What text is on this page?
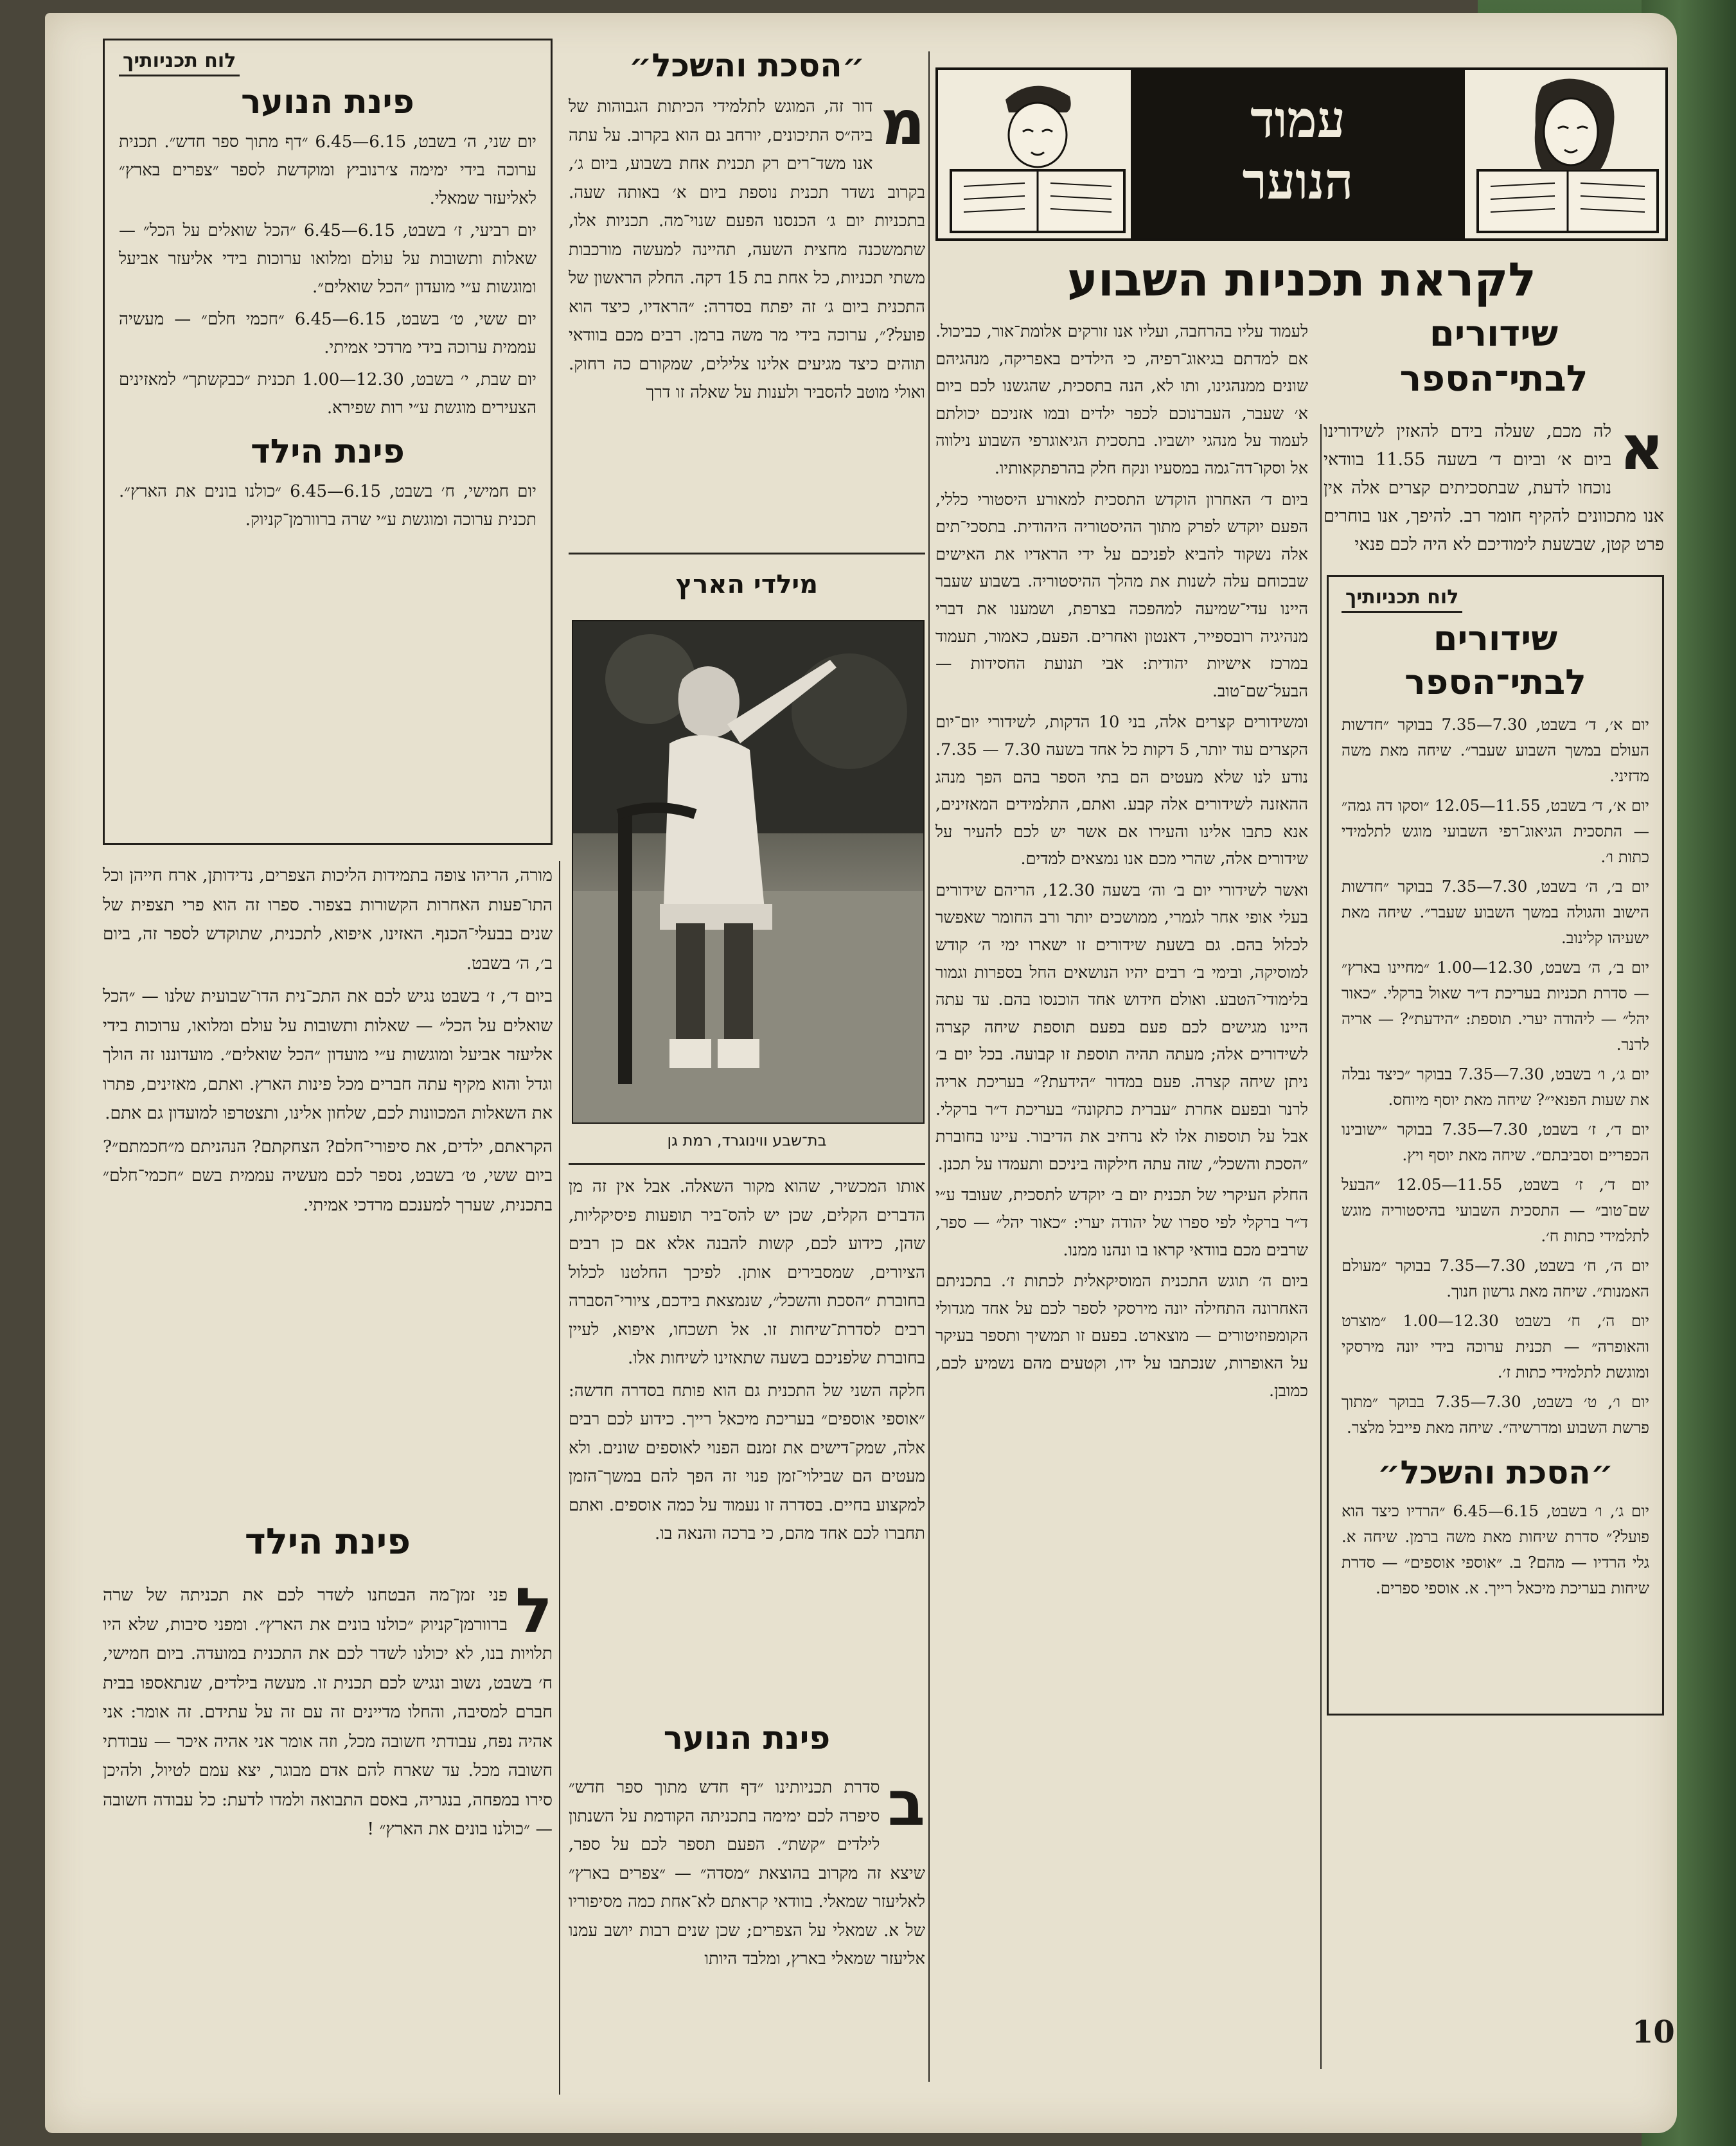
עמוד
הנוער
לקראת תכניות השבוע
שידורים
לבתי־הספר
א

לה מכם, שעלה בידם להאזין לשידורינו ביום א׳ וביום ד׳ בשעה 11.55 בוודאי נוכחו לדעת, שבתסכיתים קצרים אלה אין אנו מתכוונים להקיף חומר רב. להיפך, אנו בוחרים פרט קטן, שבשעת לימודיכם לא היה לכם פנאי

לוח תכניותיך
שידורים
לבתי־הספר

יום א׳, ד׳ בשבט, 7.30—7.35 בבוקר ״חדשות העולם במשך השבוע שעבר״. שיחה מאת משה מדזיני.

יום א׳, ד׳ בשבט, 11.55—12.05 ״וסקו דה גמה״ — התסכית הגיאוג־רפי השבועי מוגש לתלמידי כתות ו׳.

יום ב׳, ה׳ בשבט, 7.30—7.35 בבוקר ״חדשות הישוב והגולה במשך השבוע שעבר״. שיחה מאת ישעיהו קלינוב.

יום ב׳, ה׳ בשבט, 12.30—1.00 ״מחיינו בארץ״ — סדרת תכניות בעריכת ד״ר שאול ברקלי. ״כאור יהל״ — ליהודה יערי. תוספת: ״הידעת״? — אריה לרנר.

יום ג׳, ו׳ בשבט, 7.30—7.35 בבוקר ״כיצד נבלה את שעות הפנאי״? שיחה מאת יוסף מיוחס.

יום ד׳, ז׳ בשבט, 7.30—7.35 בבוקר ״ישובינו הכפריים וסביבתם״. שיחה מאת יוסף ויץ.

יום ד׳, ז׳ בשבט, 11.55—12.05 ״הבעל שם־טוב״ — התסכית השבועי בהיסטוריה מוגש לתלמידי כתות ח׳.

יום ה׳, ח׳ בשבט, 7.30—7.35 בבוקר ״מעולם האמנות״. שיחה מאת גרשון חנוך.

יום ה׳, ח׳ בשבט 12.30—1.00 ״מוצרט והאופרה״ — תכנית ערוכה בידי יונה מירסקי ומוגשת לתלמידי כתות ז׳.

יום ו׳, ט׳ בשבט, 7.30—7.35 בבוקר ״מתוך פרשת השבוע ומדרשיה״. שיחה מאת פייבל מלצר.

״הסכת והשכל״

יום ג׳, ו׳ בשבט, 6.15—6.45 ״הרדיו כיצד הוא פועל?״ סדרת שיחות מאת משה ברמן. שיחה א. גלי הרדיו — מהם? ב. ״אוספי אוספים״ — סדרת שיחות בעריכת מיכאל רייך. א. אוספי ספרים.

לעמוד עליו בהרחבה, ועליו אנו זורקים אלומת־אור, כביכול. אם למדתם בגיאוג־רפיה, כי הילדים באפריקה, מנהגיהם שונים ממנהגינו, ותו לא, הנה בתסכית, שהגשנו לכם ביום א׳ שעבר, העברנוכם לכפר ילדים ובמו אזניכם יכולתם לעמוד על מנהגי יושביו. בתסכית הגיאוגרפי השבוע נילווה אל וסקו־דה־גמה במסעיו ונקח חלק בהרפתקאותיו.

ביום ד׳ האחרון הוקדש התסכית למאורע היסטורי כללי, הפעם יוקדש לפרק מתוך ההיסטוריה היהודית. בתסכי־תים אלה נשקוד להביא לפניכם על ידי הראדיו את האישים שבכוחם עלה לשנות את מהלך ההיסטוריה. בשבוע שעבר היינו עדי־שמיעה למהפכה בצרפת, ושמענו את דברי מנהיגיה רובספייר, דאנטון ואחרים. הפעם, כאמור, תעמוד במרכז אישיות יהודית: אבי תנועת החסידות — הבעל־שם־טוב.

ומשידורים קצרים אלה, בני 10 הדקות, לשידורי יום־יום הקצרים עוד יותר, 5 דקות כל אחד בשעה 7.30 — 7.35. נודע לנו שלא מעטים הם בתי הספר בהם הפך מנהג ההאזנה לשידורים אלה קבע. ואתם, התלמידים המאזינים, אנא כתבו אלינו והעירו אם אשר יש לכם להעיר על שידורים אלה, שהרי מכם אנו נמצאים למדים.

ואשר לשידורי יום ב׳ וה׳ בשעה 12.30, הריהם שידורים בעלי אופי אחר לגמרי, ממושכים יותר ורב החומר שאפשר לכלול בהם. גם בשעת שידורים זו ישארו ימי ה׳ קודש למוסיקה, ובימי ב׳ רבים יהיו הנושאים החל בספרות וגמור בלימודי־הטבע. ואולם חידוש אחד הוכנסו בהם. עד עתה היינו מגישים לכם פעם בפעם תוספת שיחה קצרה לשידורים אלה; מעתה תהיה תוספת זו קבועה. בכל יום ב׳ ניתן שיחה קצרה. פעם במדור ״הידעת?״ בעריכת אריה לרנר ובפעם אחרת ״עברית כתקונה״ בעריכת ד״ר ברקלי. אבל על תוספות אלו לא נרחיב את הדיבור. עיינו בחוברת ״הסכת והשכל״, שזה עתה חילקוה ביניכם ותעמדו על תכנן.

החלק העיקרי של תכנית יום ב׳ יוקדש לתסכית, שעובד ע״י ד״ר ברקלי לפי ספרו של יהודה יערי: ״כאור יהל״ — ספר, שרבים מכם בוודאי קראו בו ונהנו ממנו.

ביום ה׳ תוגש התכנית המוסיקאלית לכתות ז׳. בתכניתם האחרונה התחילה יונה מירסקי לספר לכם על אחד מגדולי הקומפוזיטורים — מוצארט. בפעם זו תמשיך ותספר בעיקר על האופרות, שנכתבו על ידו, וקטעים מהם נשמיע לכם, כמובן.

״הסכת והשכל״
מ

דור זה, המוגש לתלמידי הכיתות הגבוהות של ביה״ס התיכונים, יורחב גם הוא בקרוב. על עתה אנו משד־רים רק תכנית אחת בשבוע, ביום ג׳, בקרוב נשדר תכנית נוספת ביום א׳ באותה שעה. בתכניות יום ג׳ הכנסנו הפעם שנוי־מה. תכניות אלו, שתמשכנה מחצית השעה, תהיינה למעשה מורכבות משתי תכניות, כל אחת בת 15 דקה. החלק הראשון של התכנית ביום ג׳ זה יפתח בסדרה: ״הראדיו, כיצד הוא פועל?״, ערוכה בידי מר משה ברמן. רבים מכם בוודאי תוהים כיצד מגיעים אלינו צלילים, שמקורם כה רחוק. ואולי מוטב להסביר ולענות על שאלה זו דרך

מילדי הארץ
בת־שבע ווינוגרד, רמת גן

אותו המכשיר, שהוא מקור השאלה. אבל אין זה מן הדברים הקלים, שכן יש להס־ביר תופעות פיסיקליות, שהן, כידוע לכם, קשות להבנה אלא אם כן רבים הציורים, שמסבירים אותן. לפיכך החלטנו לכלול בחוברת ״הסכת והשכל״, שנמצאת בידכם, ציורי־הסברה רבים לסדרת־שיחות זו. אל תשכחו, איפוא, לעיין בחוברת שלפניכם בשעה שתאזינו לשיחות אלו.

חלקה השני של התכנית גם הוא פותח בסדרה חדשה: ״אוספי אוספים״ בעריכת מיכאל רייך. כידוע לכם רבים אלה, שמק־דישים את זמנם הפנוי לאוספים שונים. ולא מעטים הם שבילוי־זמן פנוי זה הפך להם במשך־הזמן למקצוע בחיים. בסדרה זו נעמוד על כמה אוספים. ואתם תחברו לכם אחד מהם, כי ברכה והנאה בו.

פינת הנוער
ב

סדרת תכניותינו ״דף חדש מתוך ספר חדש״ סיפרה לכם ימימה בתכניתה הקודמת על השנתון לילדים ״קשת״. הפעם תספר לכם על ספר, שיצא זה מקרוב בהוצאת ״מסדה״ — ״צפרים בארץ״ לאליעזר שמאלי. בוודאי קראתם לא־אחת כמה מסיפוריו של א. שמאלי על הצפרים; שכן שנים רבות יושב עמנו אליעזר שמאלי בארץ, ומלבד היותו

לוח תכניותיך
פינת הנוער

יום שני, ה׳ בשבט, 6.15—6.45 ״דף מתוך ספר חדש״. תכנית ערוכה בידי ימימה צ׳רנוביץ ומוקדשת לספר ״צפרים בארץ״ לאליעזר שמאלי.

יום רביעי, ז׳ בשבט, 6.15—6.45 ״הכל שואלים על הכל״ — שאלות ותשובות על עולם ומלואו ערוכות בידי אליעזר אביעל ומוגשות ע״י מועדון ״הכל שואלים״.

יום ששי, ט׳ בשבט, 6.15—6.45 ״חכמי חלם״ — מעשיה עממית ערוכה בידי מרדכי אמיתי.

יום שבת, י׳ בשבט, 12.30—1.00 תכנית ״כבקשתך״ למאזינים הצעירים מוגשת ע״י רות שפירא.

פינת הילד

יום חמישי, ח׳ בשבט, 6.15—6.45 ״כולנו בונים את הארץ״. תכנית ערוכה ומוגשת ע״י שרה ברוורמן־קניוק.

מורה, הריהו צופה בתמידות הליכות הצפרים, נדידותן, ארח חייהן וכל התו־פעות האחרות הקשורות בצפור. ספרו זה הוא פרי תצפית של שנים בבעלי־הכנף. האזינו, איפוא, לתכנית, שתוקדש לספר זה, ביום ב׳, ה׳ בשבט.

ביום ד׳, ז׳ בשבט נגיש לכם את התכ־נית הדו־שבועית שלנו — ״הכל שואלים על הכל״ — שאלות ותשובות על עולם ומלואו, ערוכות בידי אליעזר אביעל ומוגשות ע״י מועדון ״הכל שואלים״. מועדוננו זה הולך וגדל והוא מקיף עתה חברים מכל פינות הארץ. ואתם, מאזינים, פתרו את השאלות המכוונות לכם, שלחון אלינו, ותצטרפו למועדון גם אתם.

הקראתם, ילדים, את סיפורי־חלם? הצחקתם? הנהניתם מ״חכמתם״? ביום ששי, ט׳ בשבט, נספר לכם מעשיה עממית בשם ״חכמי־חלם״ בתכנית, שערך למענכם מרדכי אמיתי.

פינת הילד
ל

פני זמן־מה הבטחנו לשדר לכם את תכניתה של שרה ברוורמן־קניוק ״כולנו בונים את הארץ״. ומפני סיבות, שלא היו תלויות בנו, לא יכולנו לשדר לכם את התכנית במועדה. ביום חמישי, ח׳ בשבט, נשוב ונגיש לכם תכנית זו. מעשה בילדים, שנתאספו בבית חברם למסיבה, והחלו מדיינים זה עם זה על עתידם. זה אומר: אני אהיה נפח, עבודתי חשובה מכל, וזה אומר אני אהיה איכר — עבודתי חשובה מכל. עד שארח להם אדם מבוגר, יצא עמם לטיול, ולהיכן סירו במפחה, בנגריה, באסם התבואה ולמדו לדעת: כל עבודה חשובה — ״כולנו בונים את הארץ״ !

10
